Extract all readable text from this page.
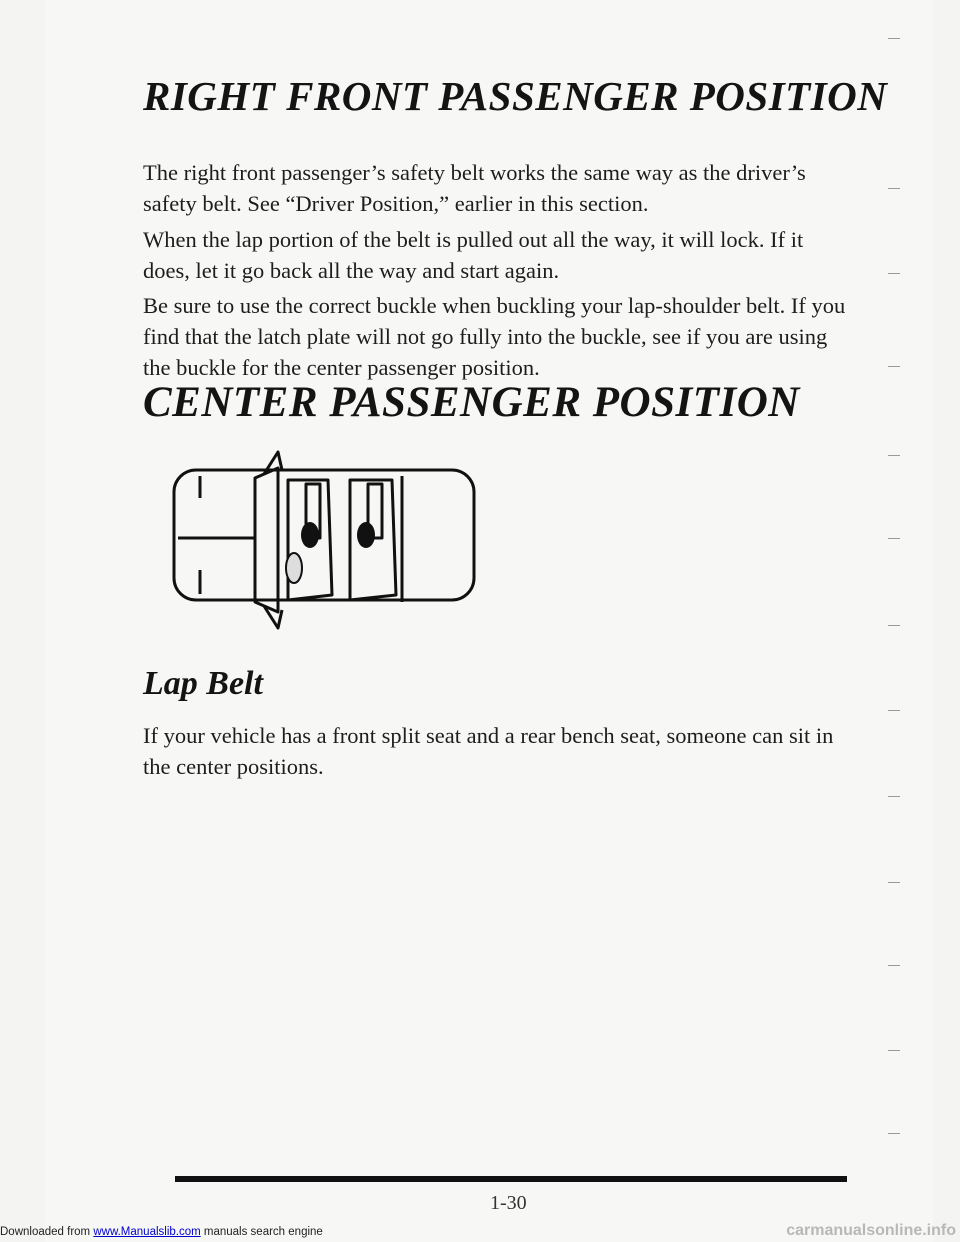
RIGHT FRONT PASSENGER POSITION

The right front passenger’s safety belt works the same way as the driver’s safety belt. See “Driver Position,” earlier in this section.

When the lap portion of the belt is pulled out all the way, it will lock. If it does, let it go back all the way and start again.

Be sure to use the correct buckle when buckling your lap-shoulder belt. If you find that the latch plate will not go fully into the buckle, see if you are using the buckle for the center passenger position.

CENTER PASSENGER POSITION
Lap Belt

If your vehicle has a front split seat and a rear bench seat, someone can sit in the center positions.

1-30
Downloaded from www.Manualslib.com manuals search engine	carmanualsonline.info
